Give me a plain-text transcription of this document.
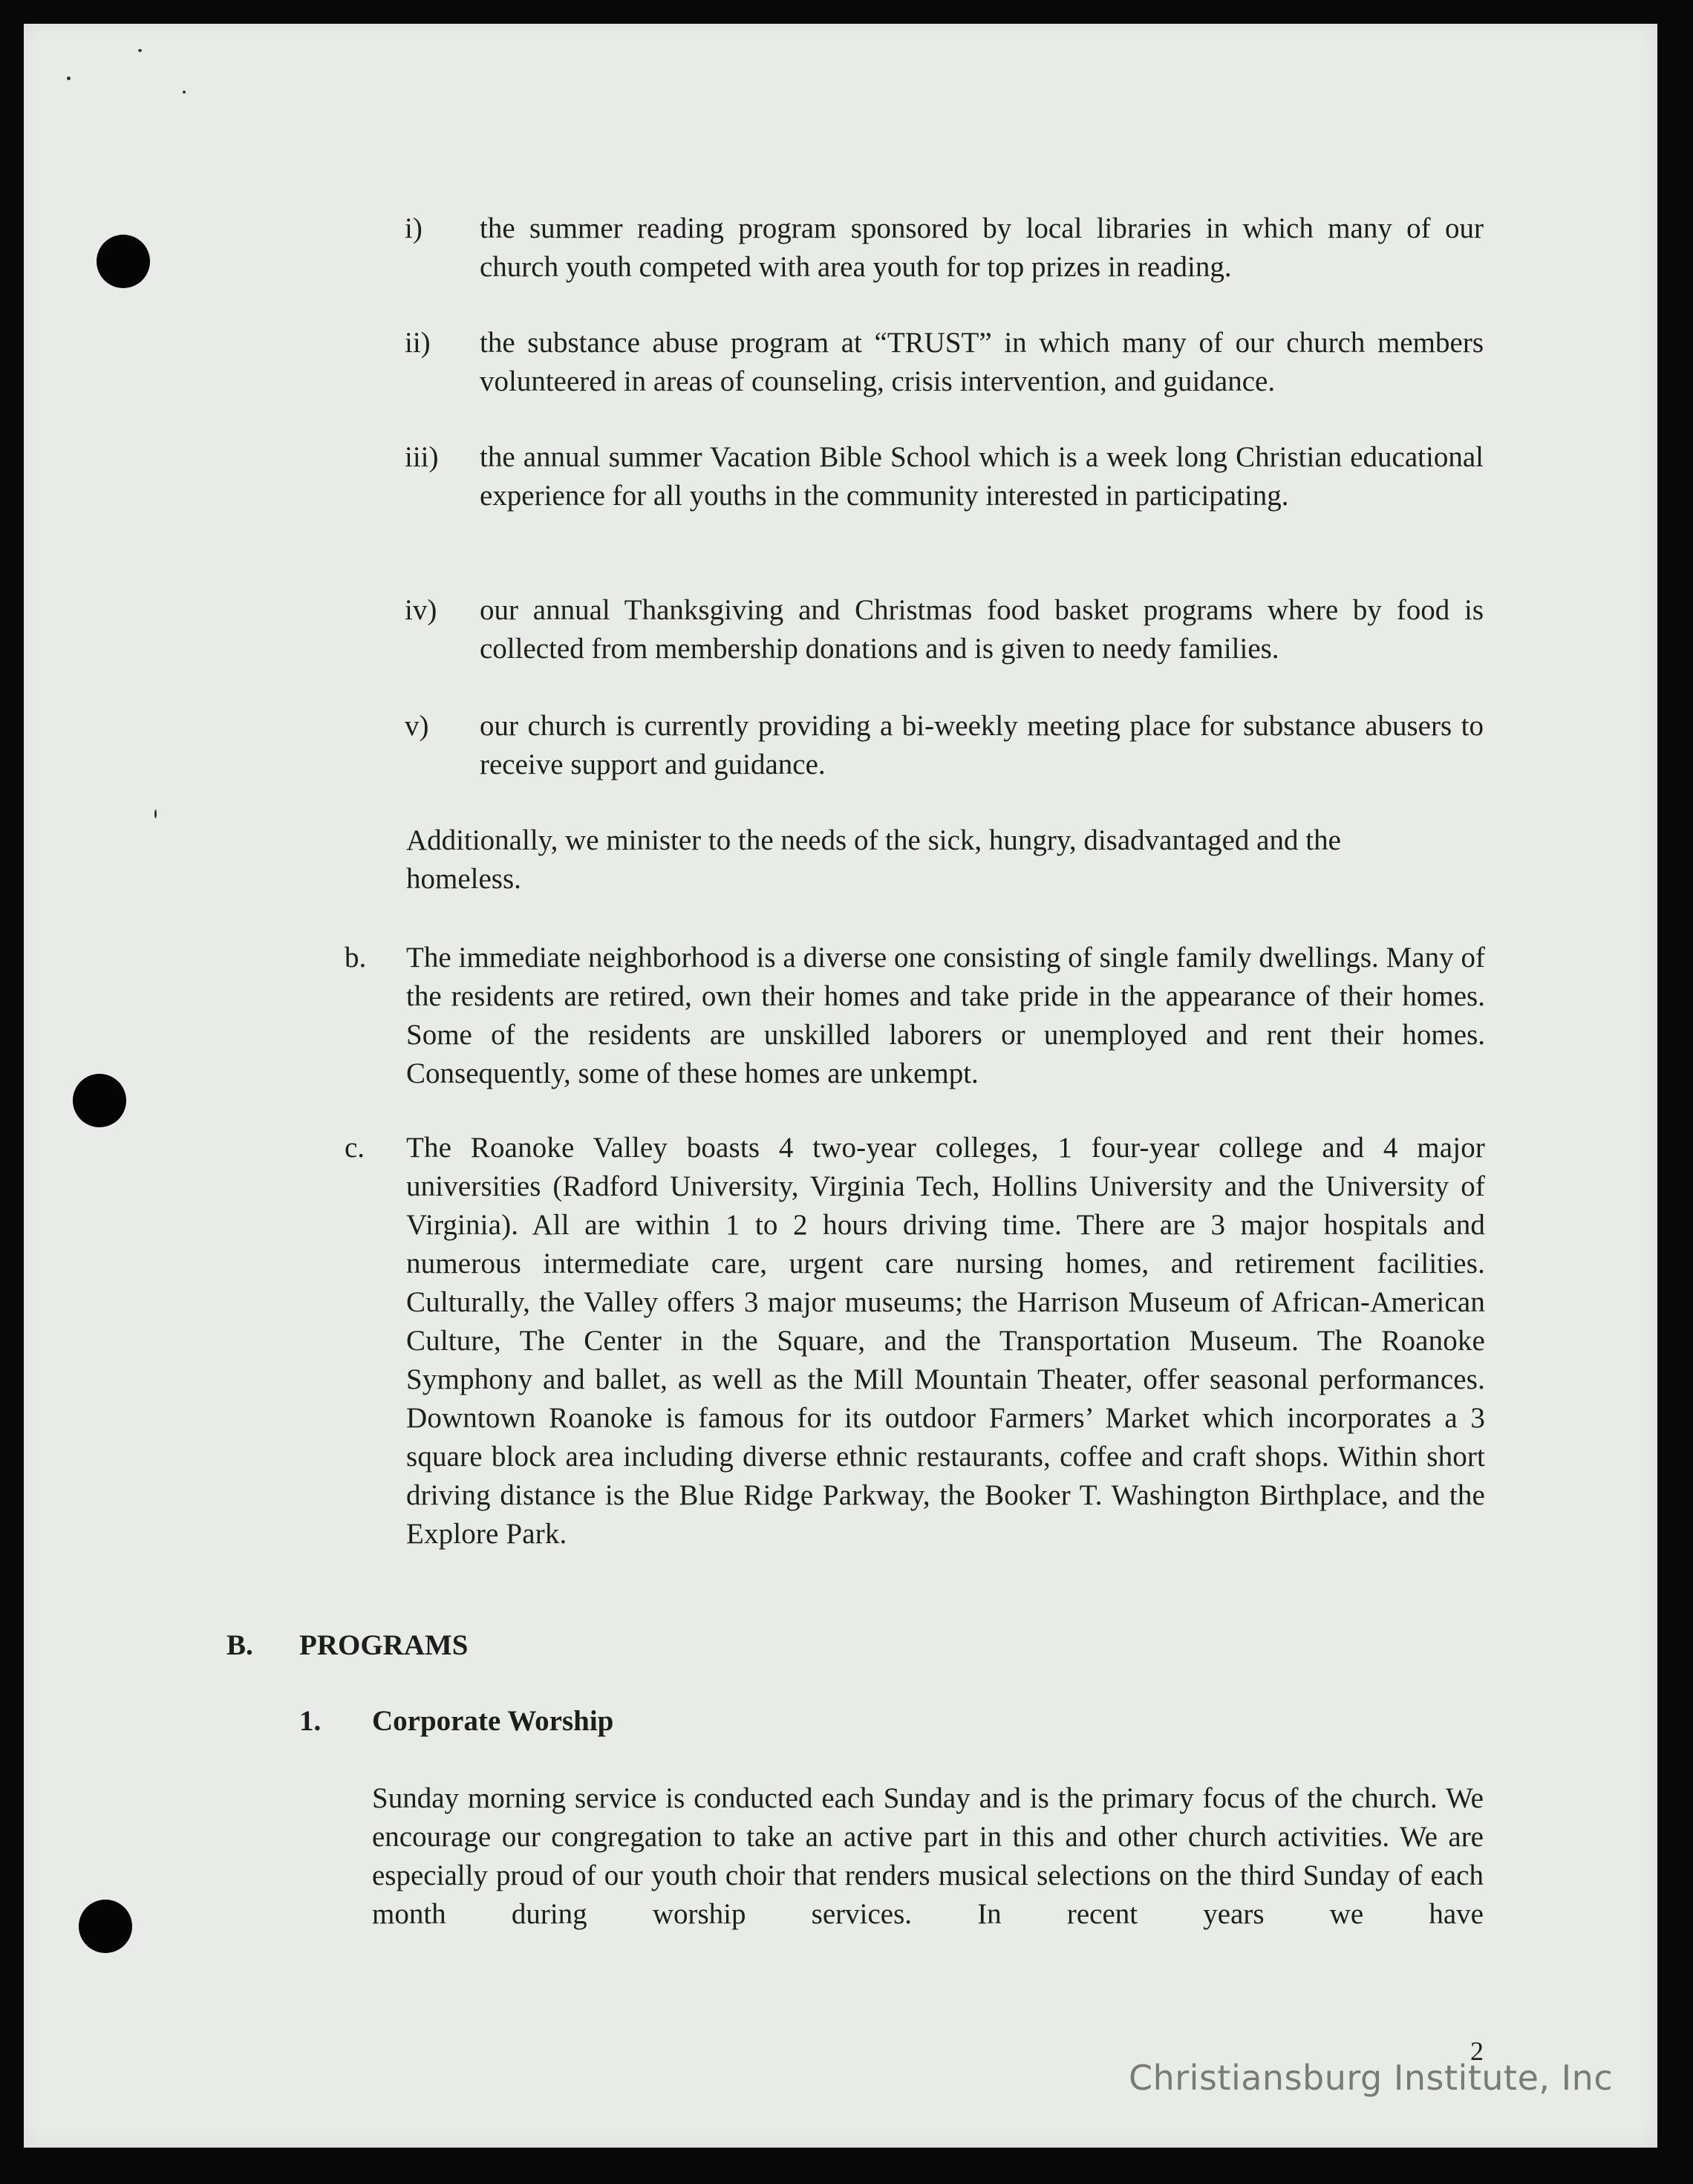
i) the summer reading program sponsored by local libraries in which many of our church youth competed with area youth for top prizes in reading.
ii) the substance abuse program at “TRUST” in which many of our church members volunteered in areas of counseling, crisis intervention, and guidance.
iii) the annual summer Vacation Bible School which is a week long Christian educational experience for all youths in the community interested in participating.
iv) our annual Thanksgiving and Christmas food basket programs where by food is collected from membership donations and is given to needy families.
v) our church is currently providing a bi-weekly meeting place for substance abusers to receive support and guidance.
Additionally, we minister to the needs of the sick, hungry, disadvantaged and the homeless.
b. The immediate neighborhood is a diverse one consisting of single family dwellings. Many of the residents are retired, own their homes and take pride in the appearance of their homes. Some of the residents are unskilled laborers or unemployed and rent their homes. Consequently, some of these homes are unkempt.
c. The Roanoke Valley boasts 4 two-year colleges, 1 four-year college and 4 major universities (Radford University, Virginia Tech, Hollins University and the University of Virginia). All are within 1 to 2 hours driving time. There are 3 major hospitals and numerous intermediate care, urgent care nursing homes, and retirement facilities. Culturally, the Valley offers 3 major museums; the Harrison Museum of African-American Culture, The Center in the Square, and the Transportation Museum. The Roanoke Symphony and ballet, as well as the Mill Mountain Theater, offer seasonal performances. Downtown Roanoke is famous for its outdoor Farmers’ Market which incorporates a 3 square block area including diverse ethnic restaurants, coffee and craft shops. Within short driving distance is the Blue Ridge Parkway, the Booker T. Washington Birthplace, and the Explore Park.
B. PROGRAMS
1. Corporate Worship
Sunday morning service is conducted each Sunday and is the primary focus of the church. We encourage our congregation to take an active part in this and other church activities. We are especially proud of our youth choir that renders musical selections on the third Sunday of each month during worship services. In recent years we have
2
Christiansburg Institute, Inc
